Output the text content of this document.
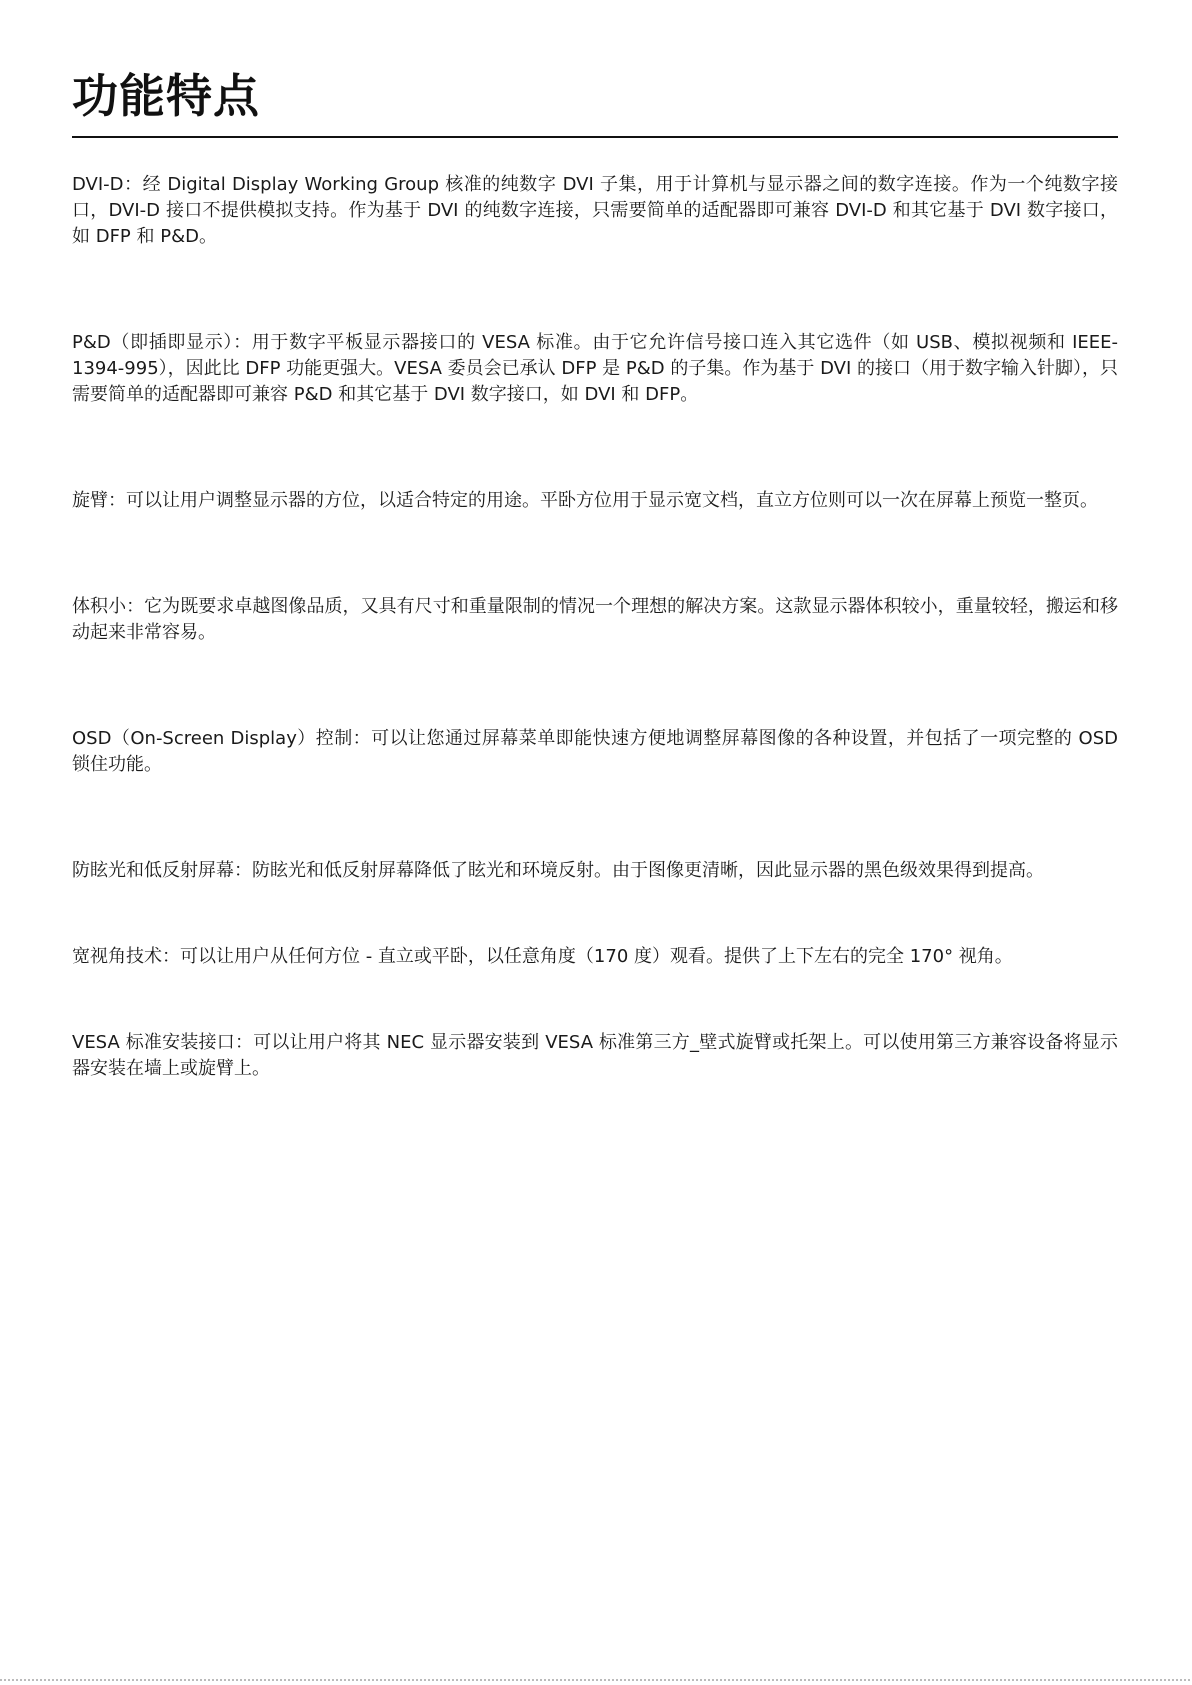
功能特点

DVI-D：经 Digital Display Working Group 核准的纯数字 DVI 子集，用于计算机与显示器之间的数字连接。作为一个纯数字接口，DVI-D 接口不提供模拟支持。作为基于 DVI 的纯数字连接，只需要简单的适配器即可兼容 DVI-D 和其它基于 DVI 数字接口，如 DFP 和 P&D。

P&D（即插即显示）：用于数字平板显示器接口的 VESA 标准。由于它允许信号接口连入其它选件（如 USB、模拟视频和 IEEE-1394-995），因此比 DFP 功能更强大。VESA 委员会已承认 DFP 是 P&D 的子集。作为基于 DVI 的接口（用于数字输入针脚），只需要简单的适配器即可兼容 P&D 和其它基于 DVI 数字接口，如 DVI 和 DFP。

旋臂：可以让用户调整显示器的方位，以适合特定的用途。平卧方位用于显示宽文档，直立方位则可以一次在屏幕上预览一整页。

体积小：它为既要求卓越图像品质，又具有尺寸和重量限制的情况一个理想的解决方案。这款显示器体积较小，重量较轻，搬运和移动起来非常容易。

OSD（On-Screen Display）控制：可以让您通过屏幕菜单即能快速方便地调整屏幕图像的各种设置，并包括了一项完整的 OSD 锁住功能。

防眩光和低反射屏幕：防眩光和低反射屏幕降低了眩光和环境反射。由于图像更清晰，因此显示器的黑色级效果得到提高。

宽视角技术：可以让用户从任何方位 - 直立或平卧，以任意角度（170 度）观看。提供了上下左右的完全 170° 视角。

VESA 标准安装接口：可以让用户将其 NEC 显示器安装到 VESA 标准第三方_壁式旋臂或托架上。可以使用第三方兼容设备将显示器安装在墙上或旋臂上。
